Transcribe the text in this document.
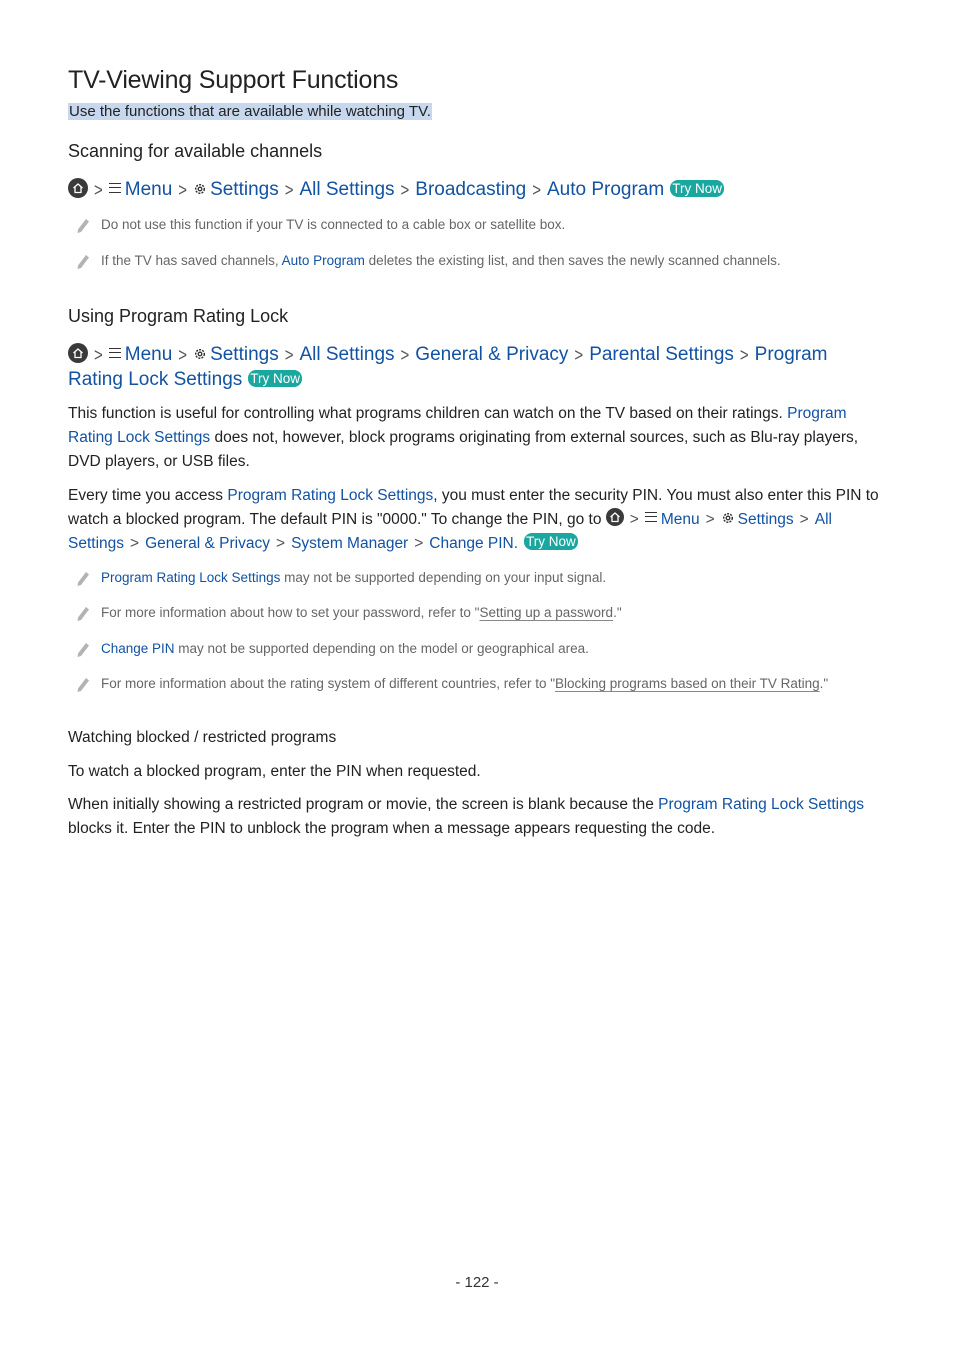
TV-Viewing Support Functions
Use the functions that are available while watching TV.
Scanning for available channels
> Menu > Settings > All Settings > Broadcasting > Auto Program Try Now
Do not use this function if your TV is connected to a cable box or satellite box.
If the TV has saved channels, Auto Program deletes the existing list, and then saves the newly scanned channels.
Using Program Rating Lock
> Menu > Settings > All Settings > General & Privacy > Parental Settings > Program
Rating Lock Settings Try Now
This function is useful for controlling what programs children can watch on the TV based on their ratings. Program Rating Lock Settings does not, however, block programs originating from external sources, such as Blu-ray players, DVD players, or USB files.
Every time you access Program Rating Lock Settings, you must enter the security PIN. You must also enter this PIN to watch a blocked program. The default PIN is "0000." To change the PIN, go to
> Menu > Settings > All Settings > General & Privacy > System Manager > Change PIN. Try Now
Program Rating Lock Settings may not be supported depending on your input signal.
For more information about how to set your password, refer to "Setting up a password."
Change PIN may not be supported depending on the model or geographical area.
For more information about the rating system of different countries, refer to "Blocking programs based on their TV Rating."
Watching blocked / restricted programs
To watch a blocked program, enter the PIN when requested.
When initially showing a restricted program or movie, the screen is blank because the Program Rating Lock Settings blocks it. Enter the PIN to unblock the program when a message appears requesting the code.
- 122 -
